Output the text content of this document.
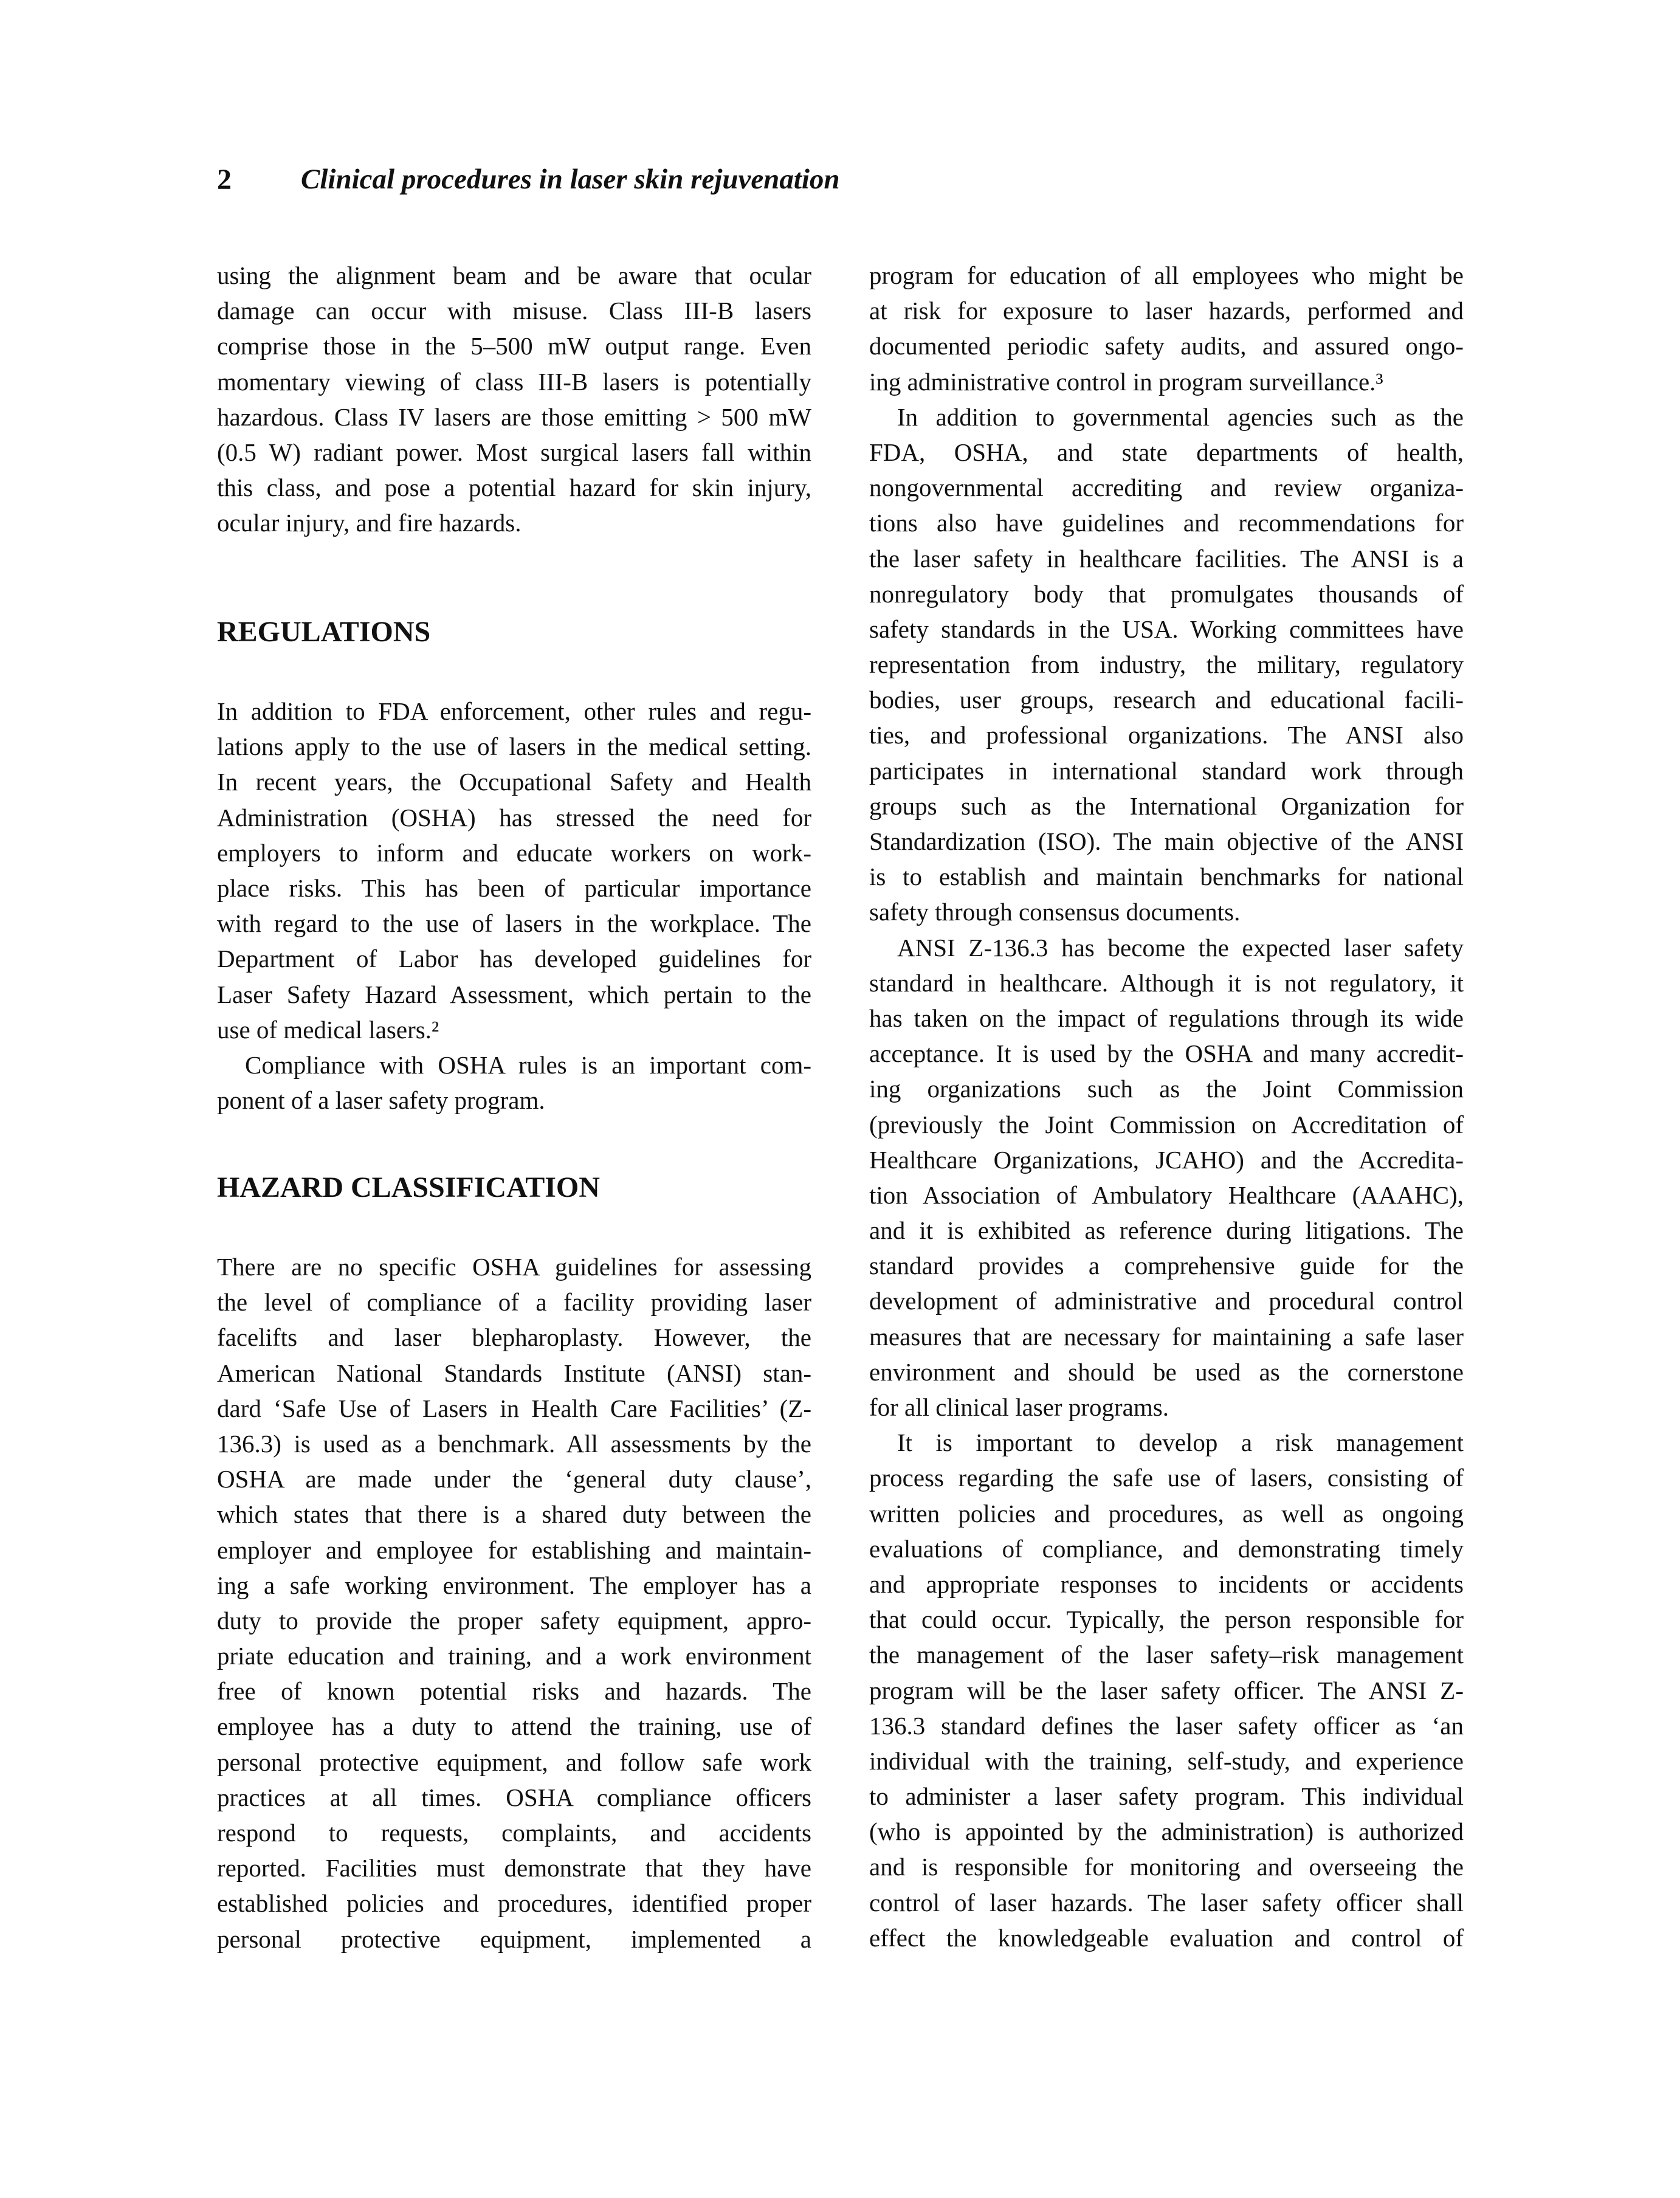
2 Clinical procedures in laser skin rejuvenation
using the alignment beam and be aware that ocular
damage can occur with misuse. Class III-B lasers
comprise those in the 5–500 mW output range. Even
momentary viewing of class III-B lasers is potentially
hazardous. Class IV lasers are those emitting > 500 mW
(0.5 W) radiant power. Most surgical lasers fall within
this class, and pose a potential hazard for skin injury,
ocular injury, and fire hazards.
REGULATIONS
In addition to FDA enforcement, other rules and regu-
lations apply to the use of lasers in the medical setting.
In recent years, the Occupational Safety and Health
Administration (OSHA) has stressed the need for
employers to inform and educate workers on work-
place risks. This has been of particular importance
with regard to the use of lasers in the workplace. The
Department of Labor has developed guidelines for
Laser Safety Hazard Assessment, which pertain to the
use of medical lasers.²
Compliance with OSHA rules is an important com-
ponent of a laser safety program.
HAZARD CLASSIFICATION
There are no specific OSHA guidelines for assessing
the level of compliance of a facility providing laser
facelifts and laser blepharoplasty. However, the
American National Standards Institute (ANSI) stan-
dard ‘Safe Use of Lasers in Health Care Facilities’ (Z-
136.3) is used as a benchmark. All assessments by the
OSHA are made under the ‘general duty clause’,
which states that there is a shared duty between the
employer and employee for establishing and maintain-
ing a safe working environment. The employer has a
duty to provide the proper safety equipment, appro-
priate education and training, and a work environment
free of known potential risks and hazards. The
employee has a duty to attend the training, use of
personal protective equipment, and follow safe work
practices at all times. OSHA compliance officers
respond to requests, complaints, and accidents
reported. Facilities must demonstrate that they have
established policies and procedures, identified proper
personal protective equipment, implemented a
program for education of all employees who might be
at risk for exposure to laser hazards, performed and
documented periodic safety audits, and assured ongo-
ing administrative control in program surveillance.³
In addition to governmental agencies such as the
FDA, OSHA, and state departments of health,
nongovernmental accrediting and review organiza-
tions also have guidelines and recommendations for
the laser safety in healthcare facilities. The ANSI is a
nonregulatory body that promulgates thousands of
safety standards in the USA. Working committees have
representation from industry, the military, regulatory
bodies, user groups, research and educational facili-
ties, and professional organizations. The ANSI also
participates in international standard work through
groups such as the International Organization for
Standardization (ISO). The main objective of the ANSI
is to establish and maintain benchmarks for national
safety through consensus documents.
ANSI Z-136.3 has become the expected laser safety
standard in healthcare. Although it is not regulatory, it
has taken on the impact of regulations through its wide
acceptance. It is used by the OSHA and many accredit-
ing organizations such as the Joint Commission
(previously the Joint Commission on Accreditation of
Healthcare Organizations, JCAHO) and the Accredita-
tion Association of Ambulatory Healthcare (AAAHC),
and it is exhibited as reference during litigations. The
standard provides a comprehensive guide for the
development of administrative and procedural control
measures that are necessary for maintaining a safe laser
environment and should be used as the cornerstone
for all clinical laser programs.
It is important to develop a risk management
process regarding the safe use of lasers, consisting of
written policies and procedures, as well as ongoing
evaluations of compliance, and demonstrating timely
and appropriate responses to incidents or accidents
that could occur. Typically, the person responsible for
the management of the laser safety–risk management
program will be the laser safety officer. The ANSI Z-
136.3 standard defines the laser safety officer as ‘an
individual with the training, self-study, and experience
to administer a laser safety program. This individual
(who is appointed by the administration) is authorized
and is responsible for monitoring and overseeing the
control of laser hazards. The laser safety officer shall
effect the knowledgeable evaluation and control of
